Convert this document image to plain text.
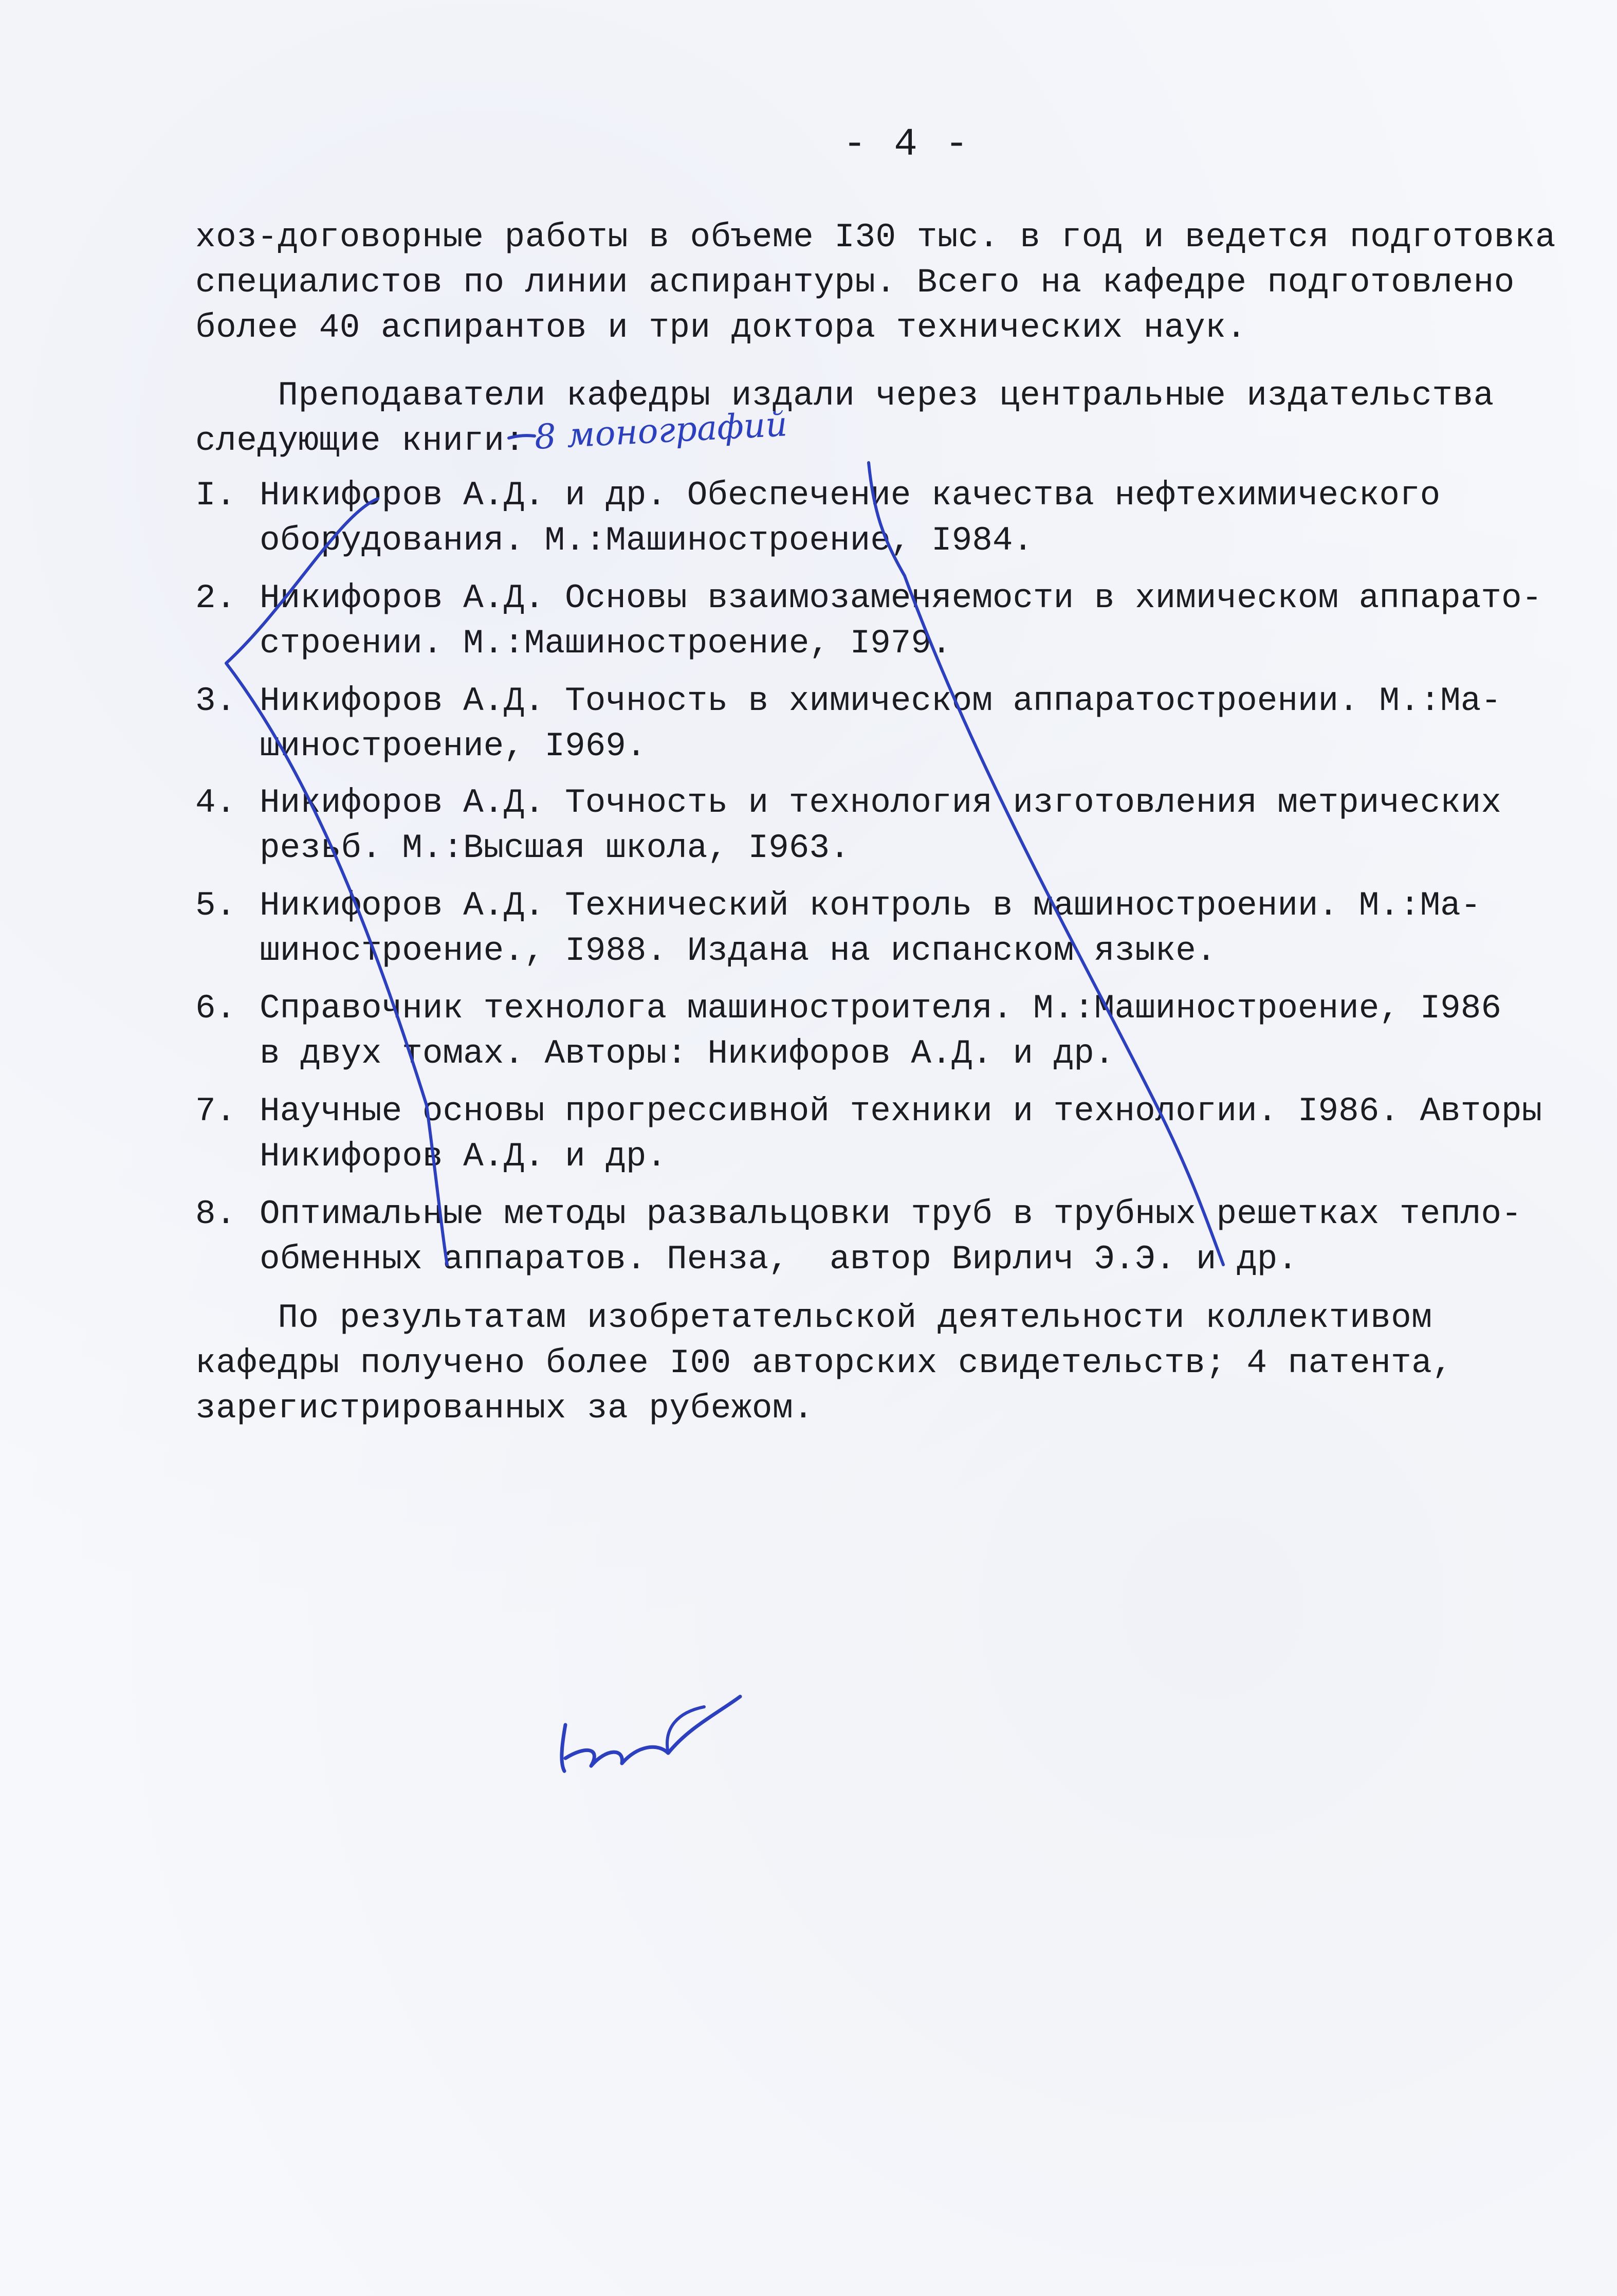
- 4 -
хоз-договорные работы в объеме I30 тыс. в год и ведется подготовка
специалистов по линии аспирантуры. Всего на кафедре подготовлено
более 40 аспирантов и три доктора технических наук.
Преподаватели кафедры издали через центральные издательства
следующие книги: 8 монографий
I. Никифоров А.Д. и др. Обеспечение качества нефтехимического
оборудования. М.:Машиностроение, I984.
2. Никифоров А.Д. Основы взаимозаменяемости в химическом аппарато-
строении. М.:Машиностроение, I979.
3. Никифоров А.Д. Точность в химическом аппаратостроении. М.:Ма-
шиностроение, I969.
4. Никифоров А.Д. Точность и технология изготовления метрических
резьб. М.:Высшая школа, I963.
5. Никифоров А.Д. Технический контроль в машиностроении. М.:Ма-
шиностроение., I988. Издана на испанском языке.
6. Справочник технолога машиностроителя. М.:Машиностроение, I986
в двух томах. Авторы: Никифоров А.Д. и др.
7. Научные основы прогрессивной техники и технологии. I986. Авторы
Никифоров А.Д. и др.
8. Оптимальные методы развальцовки труб в трубных решетках тепло-
обменных аппаратов. Пенза,  автор Вирлич Э.Э. и др.
По результатам изобретательской деятельности коллективом
кафедры получено более I00 авторских свидетельств; 4 патента,
зарегистрированных за рубежом.
